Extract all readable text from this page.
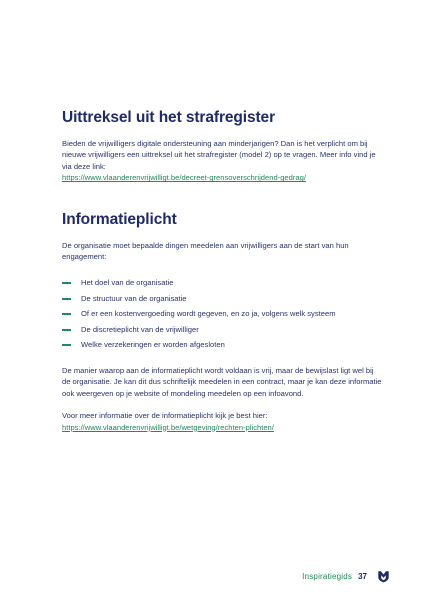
Uittreksel uit het strafregister

Bieden de vrijwilligers digitale ondersteuning aan minderjarigen? Dan is het verplicht om bij nieuwe vrijwilligers een uittreksel uit het strafregister (model 2) op te vragen. Meer info vind je via deze link:
https://www.vlaanderenvrijwilligt.be/decreet-grensoverschrijdend-gedrag/

Informatieplicht

De organisatie moet bepaalde dingen meedelen aan vrijwilligers aan de start van hun engagement:

Het doel van de organisatie
De structuur van de organisatie
Of er een kostenvergoeding wordt gegeven, en zo ja, volgens welk systeem
De discretieplicht van de vrijwilliger
Welke verzekeringen er worden afgesloten

De manier waarop aan de informatieplicht wordt voldaan is vrij, maar de bewijslast ligt wel bij de organisatie. Je kan dit dus schriftelijk meedelen in een contract, maar je kan deze informatie ook weergeven op je website of mondeling meedelen op een infoavond.

Voor meer informatie over de informatieplicht kijk je best hier:
https://www.vlaanderenvrijwilligt.be/wetgeving/rechten-plichten/

Inspiratiegids 37
